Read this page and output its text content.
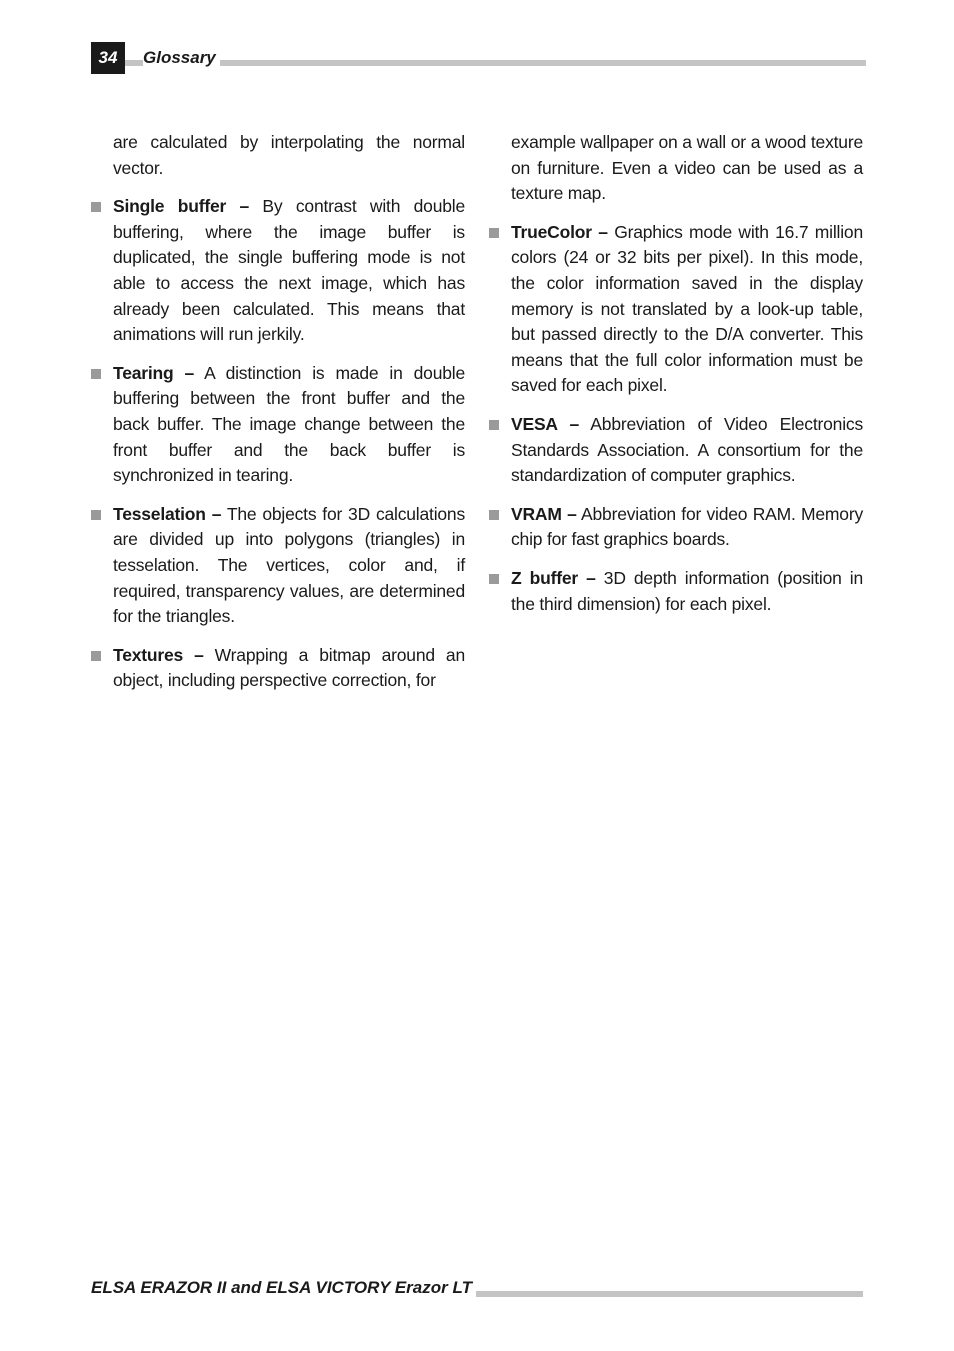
34	Glossary

are calculated by interpolating the normal vector.

Single buffer – By contrast with double buffering, where the image buffer is duplicated, the single buffering mode is not able to access the next image, which has already been calculated. This means that animations will run jerkily.

Tearing – A distinction is made in double buffering between the front buffer and the back buffer. The image change between the front buffer and the back buffer is synchronized in tearing.

Tesselation – The objects for 3D calculations are divided up into polygons (triangles) in tesselation. The vertices, color and, if required, transparency values, are determined for the triangles.

Textures – Wrapping a bitmap around an object, including perspective correction, for

example wallpaper on a wall or a wood texture on furniture. Even a video can be used as a texture map.

TrueColor – Graphics mode with 16.7 million colors (24 or 32 bits per pixel). In this mode, the color information saved in the display memory is not translated by a look-up table, but passed directly to the D/A converter. This means that the full color information must be saved for each pixel.

VESA – Abbreviation of Video Electronics Standards Association. A consortium for the standardization of computer graphics.

VRAM – Abbreviation for video RAM. Memory chip for fast graphics boards.

Z buffer – 3D depth information (position in the third dimension) for each pixel.

ELSA ERAZOR II and ELSA VICTORY Erazor LT
